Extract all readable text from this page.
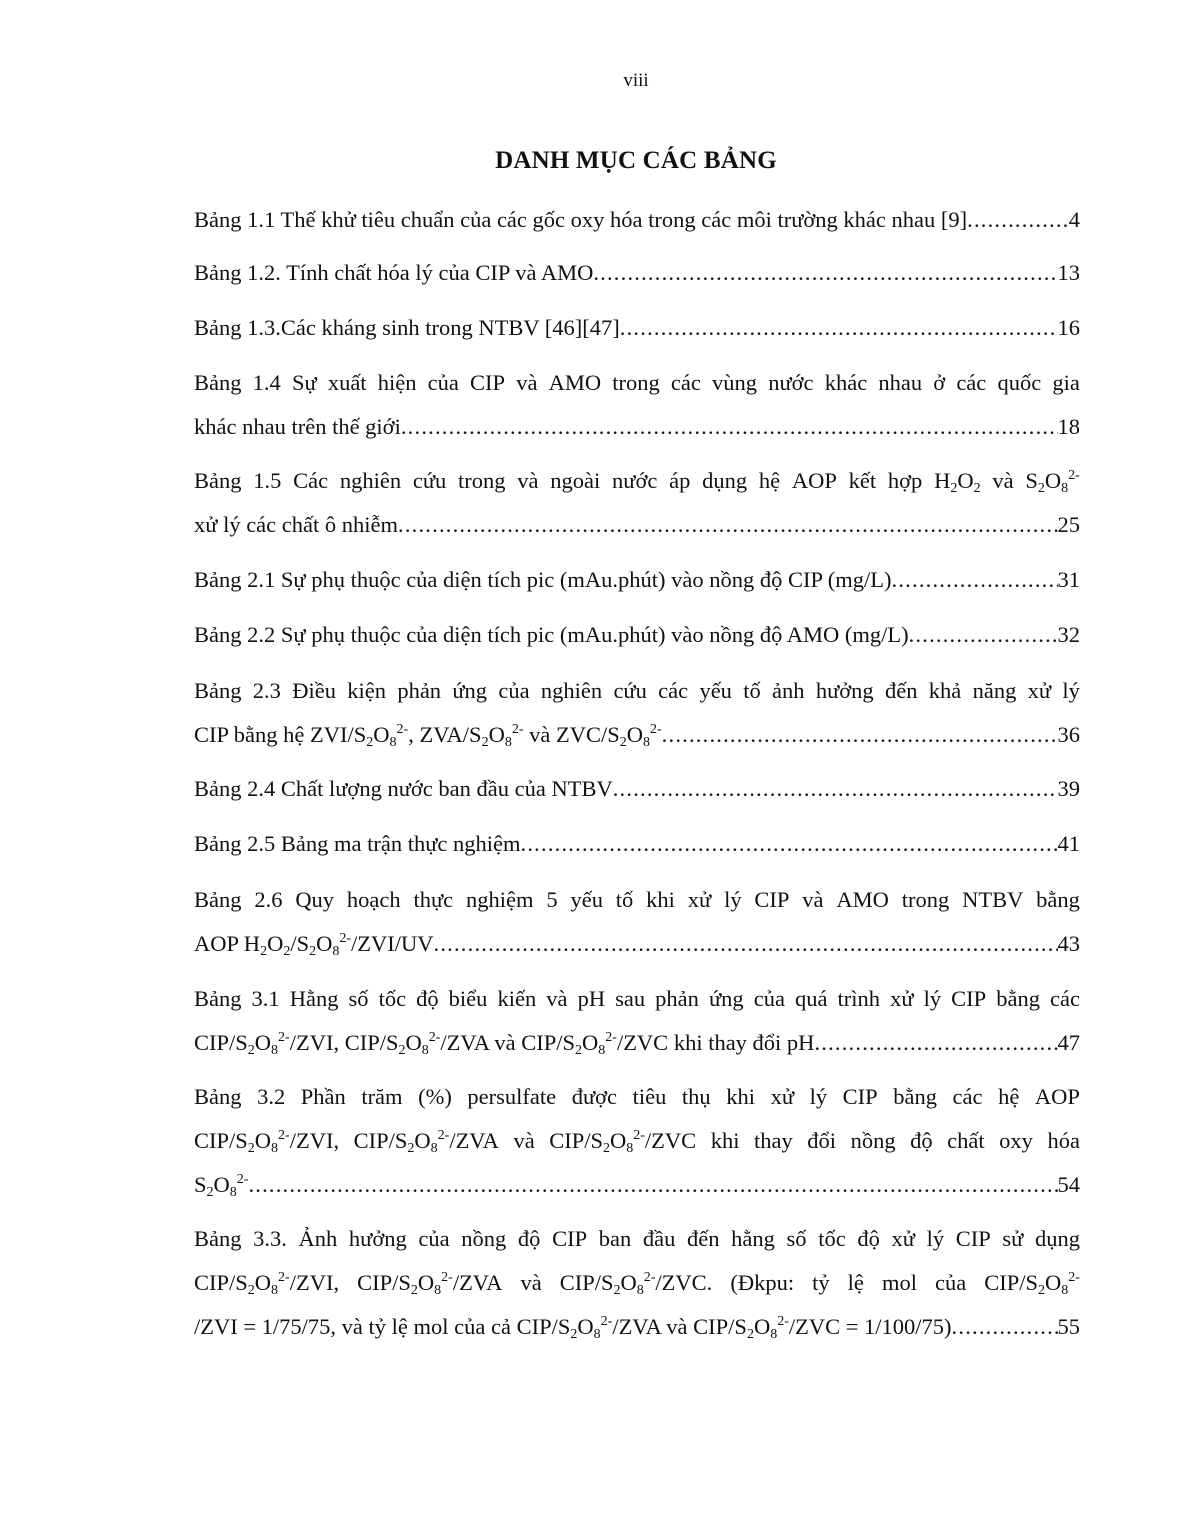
viii
DANH MỤC CÁC BẢNG
Bảng 1.1 Thế khử tiêu chuẩn của các gốc oxy hóa trong các môi trường khác nhau [9] .....	4
Bảng 1.2. Tính chất hóa lý của CIP và AMO .....	13
Bảng 1.3.Các kháng sinh trong NTBV [46][47] .....	16
Bảng 1.4 Sự xuất hiện của CIP và AMO trong các vùng nước khác nhau ở các quốc gia
khác nhau trên thế giới .....	18
Bảng 1.5 Các nghiên cứu trong và ngoài nước áp dụng hệ AOP kết hợp $H_2O_2$ và $S_2O_8^{2-}$
xử lý các chất ô nhiễm .....	25
Bảng 2.1 Sự phụ thuộc của diện tích pic (mAu.phút) vào nồng độ CIP (mg/L) .....	31
Bảng 2.2 Sự phụ thuộc của diện tích pic (mAu.phút) vào nồng độ AMO (mg/L) .....	32
Bảng 2.3 Điều kiện phản ứng của nghiên cứu các yếu tố ảnh hưởng đến khả năng xử lý
CIP bằng hệ ZVI/$S_2O_8^{2-}$, ZVA/$S_2O_8^{2-}$ và ZVC/$S_2O_8^{2-}$ .....	36
Bảng 2.4 Chất lượng nước ban đầu của NTBV .....	39
Bảng 2.5 Bảng ma trận thực nghiệm .....	41
Bảng 2.6 Quy hoạch thực nghiệm 5 yếu tố khi xử lý CIP và AMO trong NTBV bằng
AOP $H_2O_2/S_2O_8^{2-}/ZVI/UV$ .....	43
Bảng 3.1 Hằng số tốc độ biểu kiến và pH sau phản ứng của quá trình xử lý CIP bằng các
CIP/$S_2O_8^{2-}$/ZVI, CIP/$S_2O_8^{2-}$/ZVA và CIP/$S_2O_8^{2-}$/ZVC khi thay đổi pH .....	47
Bảng 3.2 Phần trăm (%) persulfate được tiêu thụ khi xử lý CIP bằng các hệ AOP
CIP/$S_2O_8^{2-}$/ZVI, CIP/$S_2O_8^{2-}$/ZVA và CIP/$S_2O_8^{2-}$/ZVC khi thay đổi nồng độ chất oxy hóa
$S_2O_8^{2-}$ .....	54
Bảng 3.3. Ảnh hưởng của nồng độ CIP ban đầu đến hằng số tốc độ xử lý CIP sử dụng
CIP/$S_2O_8^{2-}$/ZVI, CIP/$S_2O_8^{2-}$/ZVA và CIP/$S_2O_8^{2-}$/ZVC. (Đkpu: tỷ lệ mol của CIP/$S_2O_8^{2-}$
/ZVI = 1/75/75, và tỷ lệ mol của cả CIP/$S_2O_8^{2-}$/ZVA và CIP/$S_2O_8^{2-}$/ZVC = 1/100/75) .....	55
